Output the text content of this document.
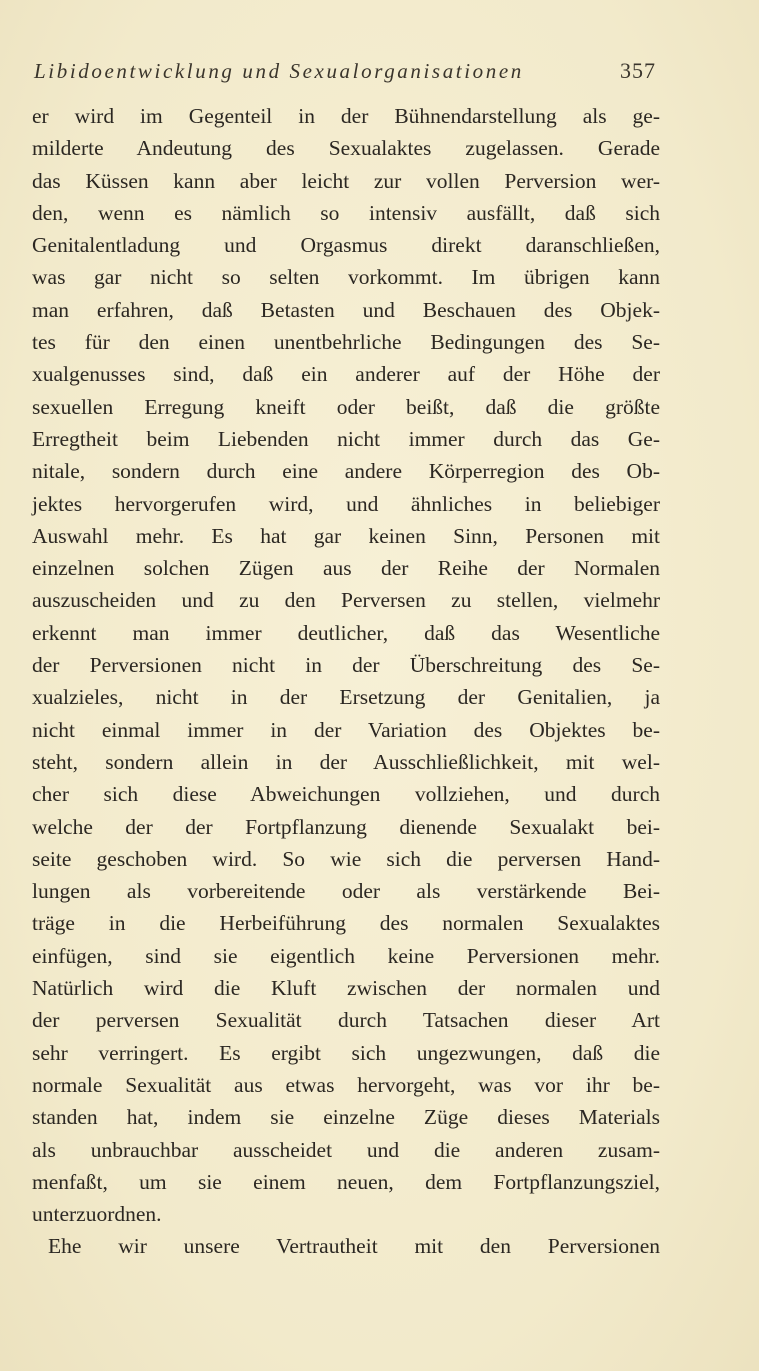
Libidoentwicklung und Sexualorganisationen	357
er wird im Gegenteil in der Bühnendarstellung als ge-
milderte Andeutung des Sexualaktes zugelassen. Gerade
das Küssen kann aber leicht zur vollen Perversion wer-
den, wenn es nämlich so intensiv ausfällt, daß sich
Genitalentladung und Orgasmus direkt daranschließen,
was gar nicht so selten vorkommt. Im übrigen kann
man erfahren, daß Betasten und Beschauen des Objek-
tes für den einen unentbehrliche Bedingungen des Se-
xualgenusses sind, daß ein anderer auf der Höhe der
sexuellen Erregung kneift oder beißt, daß die größte
Erregtheit beim Liebenden nicht immer durch das Ge-
nitale, sondern durch eine andere Körperregion des Ob-
jektes hervorgerufen wird, und ähnliches in beliebiger
Auswahl mehr. Es hat gar keinen Sinn, Personen mit
einzelnen solchen Zügen aus der Reihe der Normalen
auszuscheiden und zu den Perversen zu stellen, vielmehr
erkennt man immer deutlicher, daß das Wesentliche
der Perversionen nicht in der Überschreitung des Se-
xualzieles, nicht in der Ersetzung der Genitalien, ja
nicht einmal immer in der Variation des Objektes be-
steht, sondern allein in der Ausschließlichkeit, mit wel-
cher sich diese Abweichungen vollziehen, und durch
welche der der Fortpflanzung dienende Sexualakt bei-
seite geschoben wird. So wie sich die perversen Hand-
lungen als vorbereitende oder als verstärkende Bei-
träge in die Herbeiführung des normalen Sexualaktes
einfügen, sind sie eigentlich keine Perversionen mehr.
Natürlich wird die Kluft zwischen der normalen und
der perversen Sexualität durch Tatsachen dieser Art
sehr verringert. Es ergibt sich ungezwungen, daß die
normale Sexualität aus etwas hervorgeht, was vor ihr be-
standen hat, indem sie einzelne Züge dieses Materials
als unbrauchbar ausscheidet und die anderen zusam-
menfaßt, um sie einem neuen, dem Fortpflanzungsziel,
unterzuordnen.
Ehe wir unsere Vertrautheit mit den Perversionen
